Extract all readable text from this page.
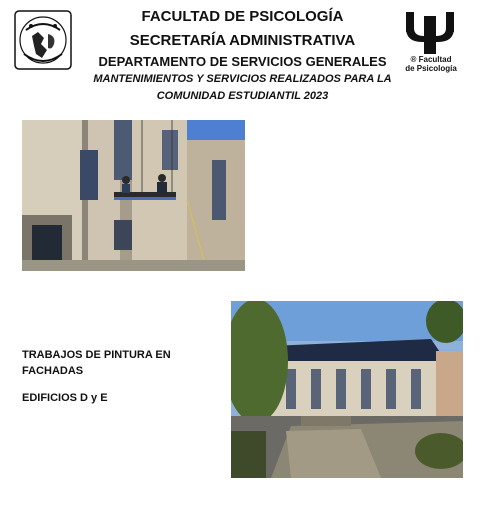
FACULTAD DE PSICOLOGÍA
SECRETARÍA ADMINISTRATIVA
DEPARTAMENTO DE SERVICIOS GENERALES
MANTENIMIENTOS Y SERVICIOS REALIZADOS PARA LA
COMUNIDAD ESTUDIANTIL 2023
® Facultad
de Psicología
TRABAJOS DE PINTURA EN FACHADAS
EDIFICIOS D y E
